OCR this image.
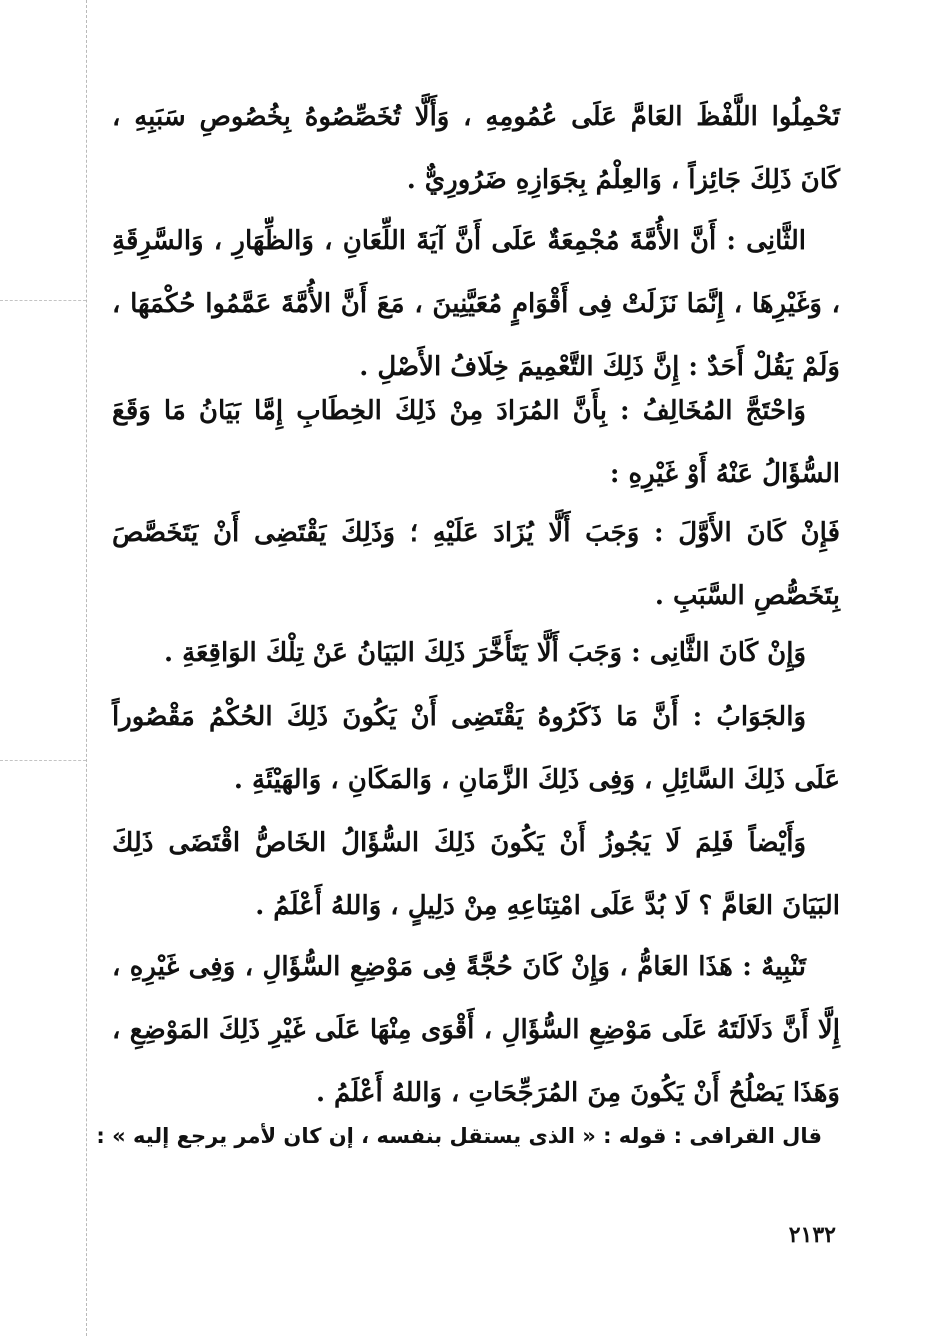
تَحْمِلُوا اللَّفْظَ العَامَّ عَلَى عُمُومِهِ ، وَأَلَّا تُخَصِّصُوهُ بِخُصُوصِ سَبَبِهِ ، كَانَ ذَلِكَ جَائِزاً ، وَالعِلْمُ بِجَوَازِهِ ضَرُورِيٌّ .

الثَّانِى : أَنَّ الأُمَّةَ مُجْمِعَةٌ عَلَى أَنَّ آيَةَ اللِّعَانِ ، وَالظِّهَارِ ، وَالسَّرِقَةِ ، وَغَيْرِهَا ، إِنَّمَا نَزَلَتْ فِى أَقْوَامٍ مُعَيَّنِينَ ، مَعَ أَنَّ الأُمَّةَ عَمَّمُوا حُكْمَهَا ، وَلَمْ يَقُلْ أَحَدٌ : إِنَّ ذَلِكَ التَّعْمِيمَ خِلَافُ الأَصْلِ .

وَاحْتَجَّ المُخَالِفُ : بِأَنَّ المُرَادَ مِنْ ذَلِكَ الخِطَابِ إِمَّا بَيَانُ مَا وَقَعَ السُّؤَالُ عَنْهُ أَوْ غَيْرِهِ :

فَإِنْ كَانَ الأَوَّلَ : وَجَبَ أَلَّا يُزَادَ عَلَيْهِ ؛ وَذَلِكَ يَقْتَضِى أَنْ يَتَخَصَّصَ بِتَخَصُّصِ السَّبَبِ .

وَإِنْ كَانَ الثَّانِى : وَجَبَ أَلَّا يَتَأَخَّرَ ذَلِكَ البَيَانُ عَنْ تِلْكَ الوَاقِعَةِ .

وَالجَوَابُ : أَنَّ مَا ذَكَرُوهُ يَقْتَضِى أَنْ يَكُونَ ذَلِكَ الحُكْمُ مَقْصُوراً عَلَى ذَلِكَ السَّائِلِ ، وَفِى ذَلِكَ الزَّمَانِ ، وَالمَكَانِ ، وَالهَيْئَةِ .

وَأَيْضاً فَلِمَ لَا يَجُوزُ أَنْ يَكُونَ ذَلِكَ السُّؤَالُ الخَاصُّ اقْتَضَى ذَلِكَ البَيَانَ العَامَّ ؟ لَا بُدَّ عَلَى امْتِنَاعِهِ مِنْ دَلِيلٍ ، وَاللهُ أَعْلَمُ .

تَنْبِيهٌ : هَذَا العَامُّ ، وَإِنْ كَانَ حُجَّةً فِى مَوْضِعِ السُّؤَالِ ، وَفِى غَيْرِهِ ، إِلَّا أَنَّ دَلَالَتَهُ عَلَى مَوْضِعِ السُّؤَالِ ، أَقْوَى مِنْهَا عَلَى غَيْرِ ذَلِكَ المَوْضِعِ ، وَهَذَا يَصْلُحُ أَنْ يَكُونَ مِنَ المُرَجِّحَاتِ ، وَاللهُ أَعْلَمُ .

قال القرافى : قوله : « الذى يستقل بنفسه ، إن كان لأمر يرجع إليه » :
٢١٣٢
